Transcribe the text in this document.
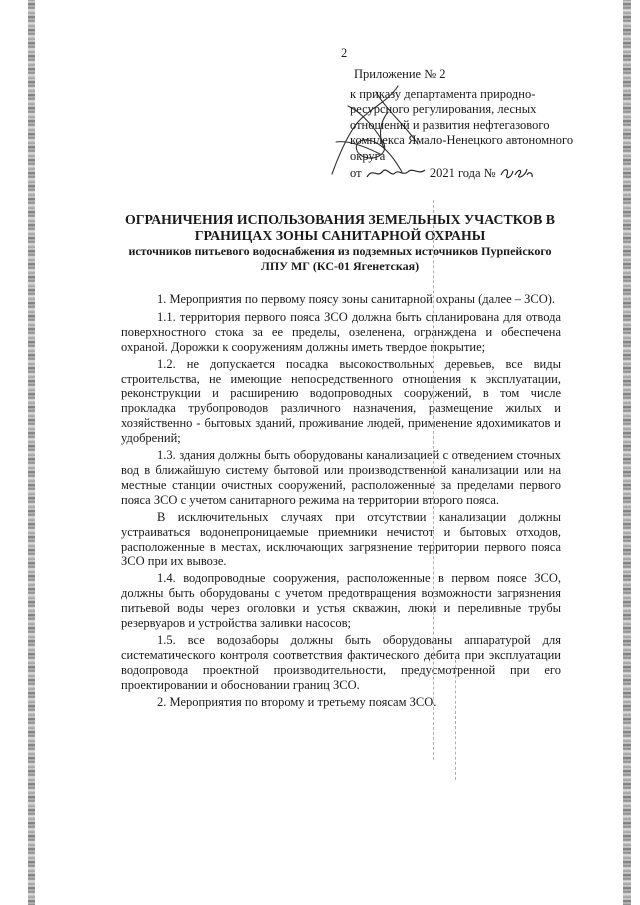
2
Приложение № 2
к приказу департамента природно-ресурсного регулирования, лесных отношений и развития нефтегазового комплекса Ямало-Ненецкого автономного округа
от	2021 года №
ОГРАНИЧЕНИЯ ИСПОЛЬЗОВАНИЯ ЗЕМЕЛЬНЫХ УЧАСТКОВ В ГРАНИЦАХ ЗОНЫ САНИТАРНОЙ ОХРАНЫ
источников питьевого водоснабжения из подземных источников Пурпейского ЛПУ МГ (КС-01 Ягенетская)

1. Мероприятия по первому поясу зоны санитарной охраны (далее – ЗСО).

1.1. территория первого пояса ЗСО должна быть спланирована для отвода поверхностного стока за ее пределы, озеленена, огранждена и обеспечена охраной. Дорожки к сооружениям должны иметь твердое покрытие;

1.2. не допускается посадка высокоствольных деревьев, все виды строительства, не имеющие непосредственного отношения к эксплуатации, реконструкции и расширению водопроводных сооружений, в том числе прокладка трубопроводов различного назначения, размещение жилых и хозяйственно - бытовых зданий, проживание людей, применение ядохимикатов и удобрений;

1.3. здания должны быть оборудованы канализацией с отведением сточных вод в ближайшую систему бытовой или производственной канализации или на местные станции очистных сооружений, расположенные за пределами первого пояса ЗСО с учетом санитарного режима на территории второго пояса.

В исключительных случаях при отсутствии канализации должны устраиваться водонепроницаемые приемники нечистот и бытовых отходов, расположенные в местах, исключающих загрязнение территории первого пояса ЗСО при их вывозе.

1.4. водопроводные сооружения, расположенные в первом поясе ЗСО, должны быть оборудованы с учетом предотвращения возможности загрязнения питьевой воды через оголовки и устья скважин, люки и переливные трубы резервуаров и устройства заливки насосов;

1.5. все водозаборы должны быть оборудованы аппаратурой для систематического контроля соответствия фактического дебита при эксплуатации водопровода проектной производительности, предусмотренной при его проектировании и обосновании границ ЗСО.

2. Мероприятия по второму и третьему поясам ЗСО.
